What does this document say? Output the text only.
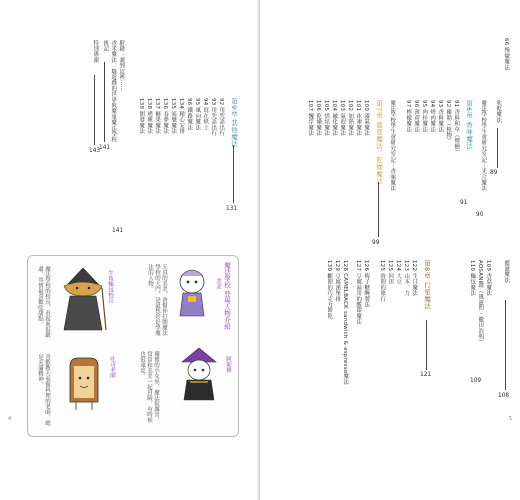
第9章 其他魔法
131
92 用咒語出行
93 用咒語出行
94 寫在紙上
95 風向魔法
96 鐵路魔法
134 精心安排
135 暗號魔法
136 春夢魔法
137 糖果魔法
138 嗜睡魔法
139 開發魔法
附錄：讀到這裡⋯⋯
141
香米魔法：騷遊戲的世界與魔鬼魔法學校
後記
141
特別感謝
143
魔法學校 登場人物介紹
美美
天真的美美，會幫你打開魔法學校的大門，是最想好好學魔法的人物。
阿妮雅
優雅的小女巫，魔法很厲害，常常和美美一起冒險，有時候也很頑皮。
牛角麵包校長
魔法學校的校長，看起來很嚴肅，其實最喜歡吃甜點。
吐司老師
喜歡教大家做料理的老師，總是充滿精神。
4
66 慢燉魔法
吹乾魔法
89
魔法學校學生會研究室記－光合魔法
90
第6章 香味魔法
91
91 香料和草（煙燻）
92 羅勒（植物）
93 香料魔法
94 烤肉魔法
95 肉桂魔法
96 薄荷魔法
97 檸檬魔法
魔法學校學生會研究室記－香味魔法
第7章 溫度魔法、乾燥魔法
99
100 霧氣魔法
101 冰凍魔法
102 加熱魔法
103 氣泡魔法
104 融化魔法
105 烘焙魔法
106 乾燥魔法
107 飄浮魔法
麗滋魔法
108
109 香菇魔法
AOSANI醬（風滋閃・撒田浩明）
109
110 麵包魔法
第8章 行星魔法
121
122 生日魔法
123 山本、力
124 大豆
125 回田
125 時間的旅行
126 梅子糖醃製法
127 豆腐湯用的酸甜魔法
128 CAMELBACK sandwich & espresso魔法
129 豆腐漢堡排
130 斷開的巧克力餅乾
5
